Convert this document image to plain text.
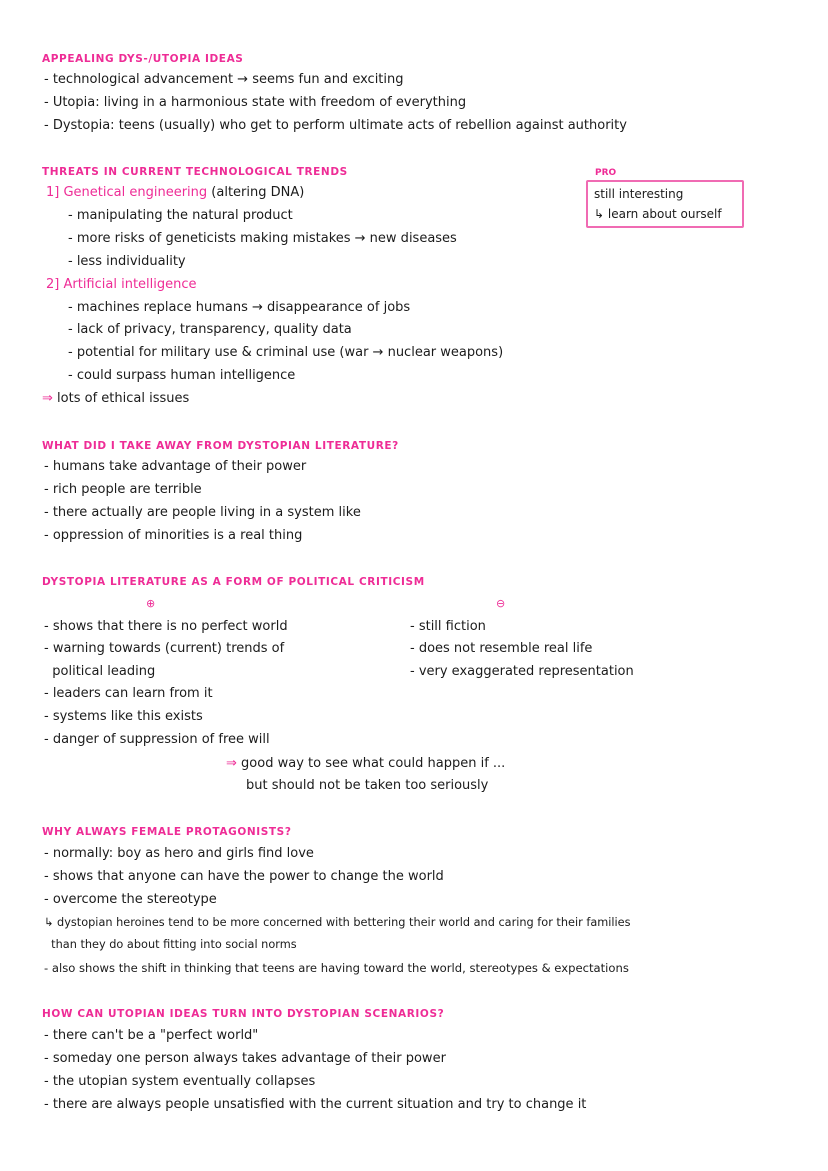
APPEALING DYS-/UTOPIA IDEAS
- technological advancement → seems fun and exciting
- Utopia: living in a harmonious state with freedom of everything
- Dystopia: teens (usually) who get to perform ultimate acts of rebellion against authority
THREATS IN CURRENT TECHNOLOGICAL TRENDS
1] Genetical engineering (altering DNA)
- manipulating the natural product
- more risks of geneticists making mistakes → new diseases
- less individuality
2] Artificial intelligence
- machines replace humans → disappearance of jobs
- lack of privacy, transparency, quality data
- potential for military use & criminal use (war → nuclear weapons)
- could surpass human intelligence
⇒ lots of ethical issues
PRO
still interesting
↳ learn about ourself
WHAT DID I TAKE AWAY FROM DYSTOPIAN LITERATURE?
- humans take advantage of their power
- rich people are terrible
- there actually are people living in a system like
- oppression of minorities is a real thing
DYSTOPIA LITERATURE AS A FORM OF POLITICAL CRITICISM
⊕	⊖
- shows that there is no perfect world
- warning towards (current) trends of
political leading
- leaders can learn from it
- systems like this exists
- danger of suppression of free will
- still fiction
- does not resemble real life
- very exaggerated representation
⇒ good way to see what could happen if ...
but should not be taken too seriously
WHY ALWAYS FEMALE PROTAGONISTS?
- normally: boy as hero and girls find love
- shows that anyone can have the power to change the world
- overcome the stereotype
↳ dystopian heroines tend to be more concerned with bettering their world and caring for their families
than they do about fitting into social norms
- also shows the shift in thinking that teens are having toward the world, stereotypes & expectations
HOW CAN UTOPIAN IDEAS TURN INTO DYSTOPIAN SCENARIOS?
- there can't be a "perfect world"
- someday one person always takes advantage of their power
- the utopian system eventually collapses
- there are always people unsatisfied with the current situation and try to change it
